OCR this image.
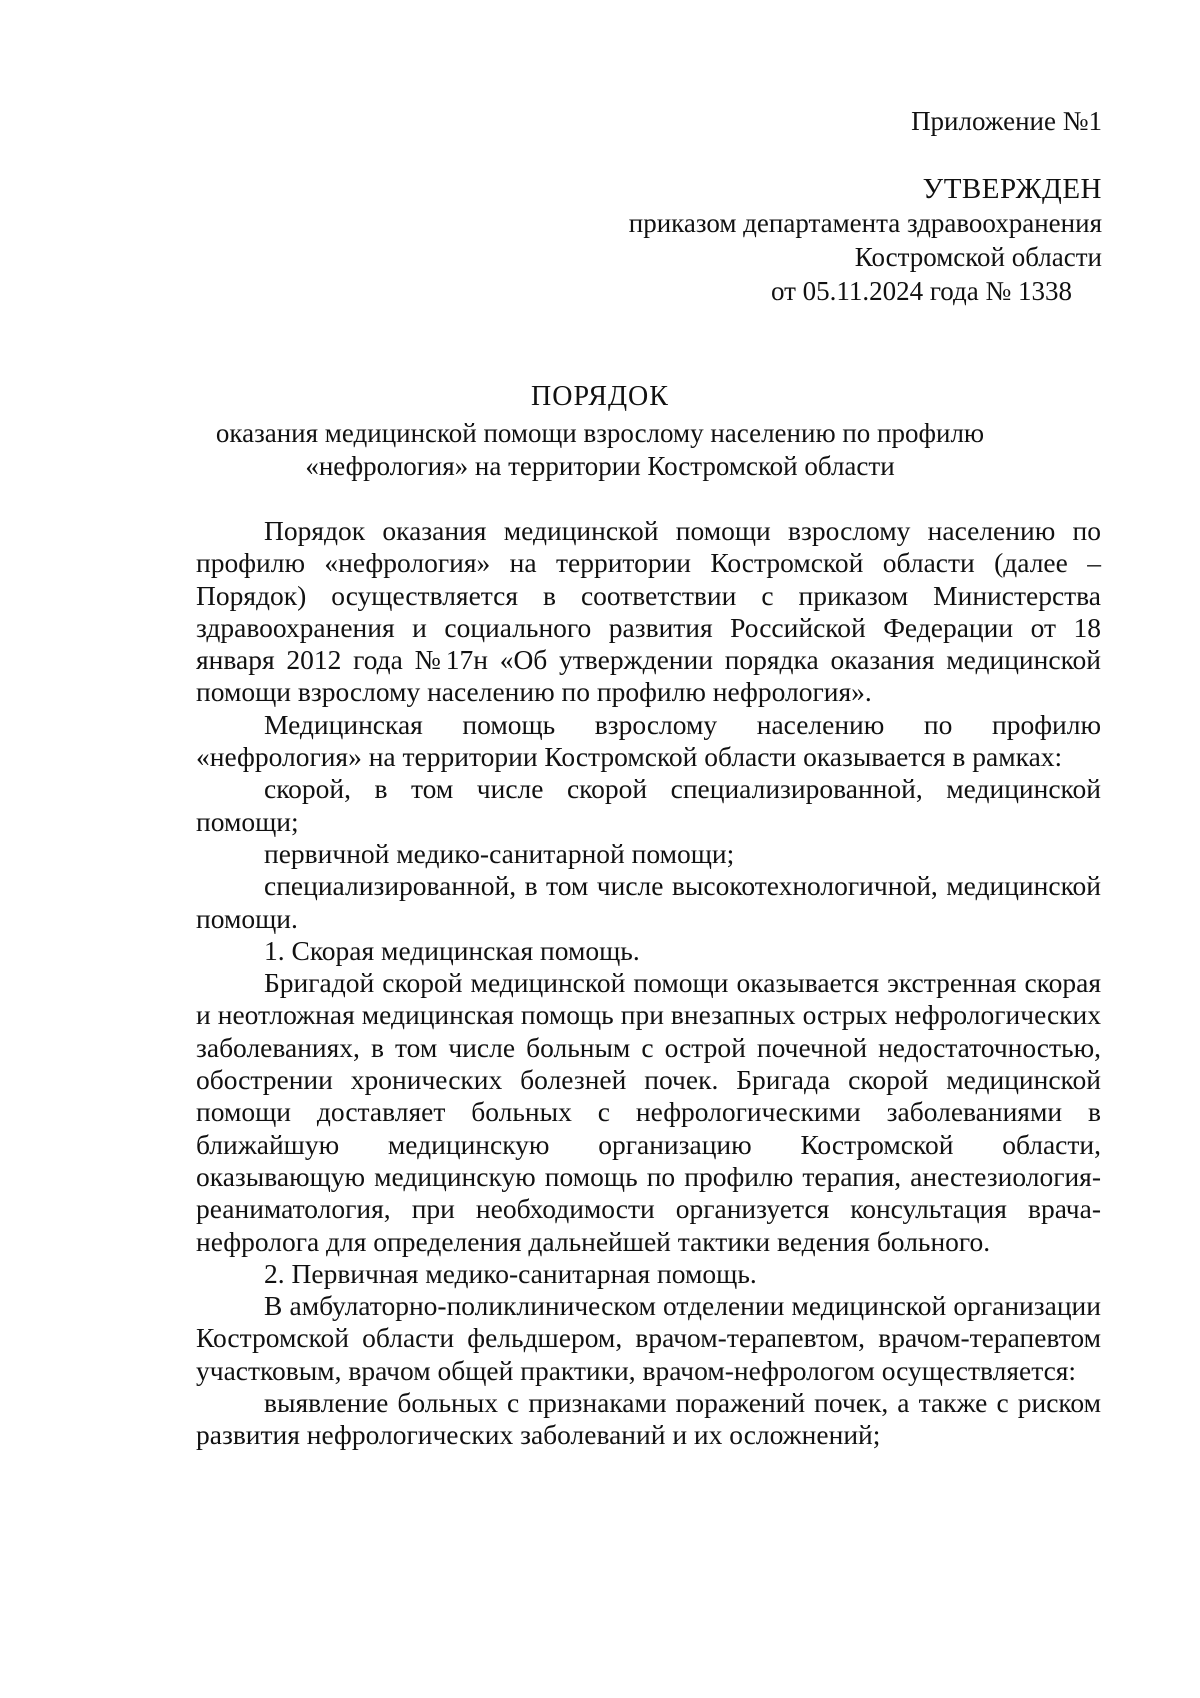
Приложение №1
УТВЕРЖДЕН
приказом департамента здравоохранения
Костромской области
от 05.11.2024 года № 1338
ПОРЯДОК
оказания медицинской помощи взрослому населению по профилю
«нефрология» на территории Костромской области

Порядок оказания медицинской помощи взрослому населению по профилю «нефрология» на территории Костромской области (далее – Порядок) осуществляется в соответствии с приказом Министерства здравоохранения и социального развития Российской Федерации от 18 января 2012 года №17н «Об утверждении порядка оказания медицинской помощи взрослому населению по профилю нефрология».

Медицинская помощь взрослому населению по профилю «нефрология» на территории Костромской области оказывается в рамках:

скорой, в том числе скорой специализированной, медицинской помощи;

первичной медико-санитарной помощи;

специализированной, в том числе высокотехнологичной, медицинской помощи.

1. Скорая медицинская помощь.

Бригадой скорой медицинской помощи оказывается экстренная скорая и неотложная медицинская помощь при внезапных острых нефрологических заболеваниях, в том числе больным с острой почечной недостаточностью, обострении хронических болезней почек. Бригада скорой медицинской помощи доставляет больных с нефрологическими заболеваниями в ближайшую медицинскую организацию Костромской области, оказывающую медицинскую помощь по профилю терапия, анестезиология-реаниматология, при необходимости организуется консультация врача-нефролога для определения дальнейшей тактики ведения больного.

2. Первичная медико-санитарная помощь.

В амбулаторно-поликлиническом отделении медицинской организации Костромской области фельдшером, врачом-терапевтом, врачом-терапевтом участковым, врачом общей практики, врачом-нефрологом осуществляется:

выявление больных с признаками поражений почек, а также с риском развития нефрологических заболеваний и их осложнений;
